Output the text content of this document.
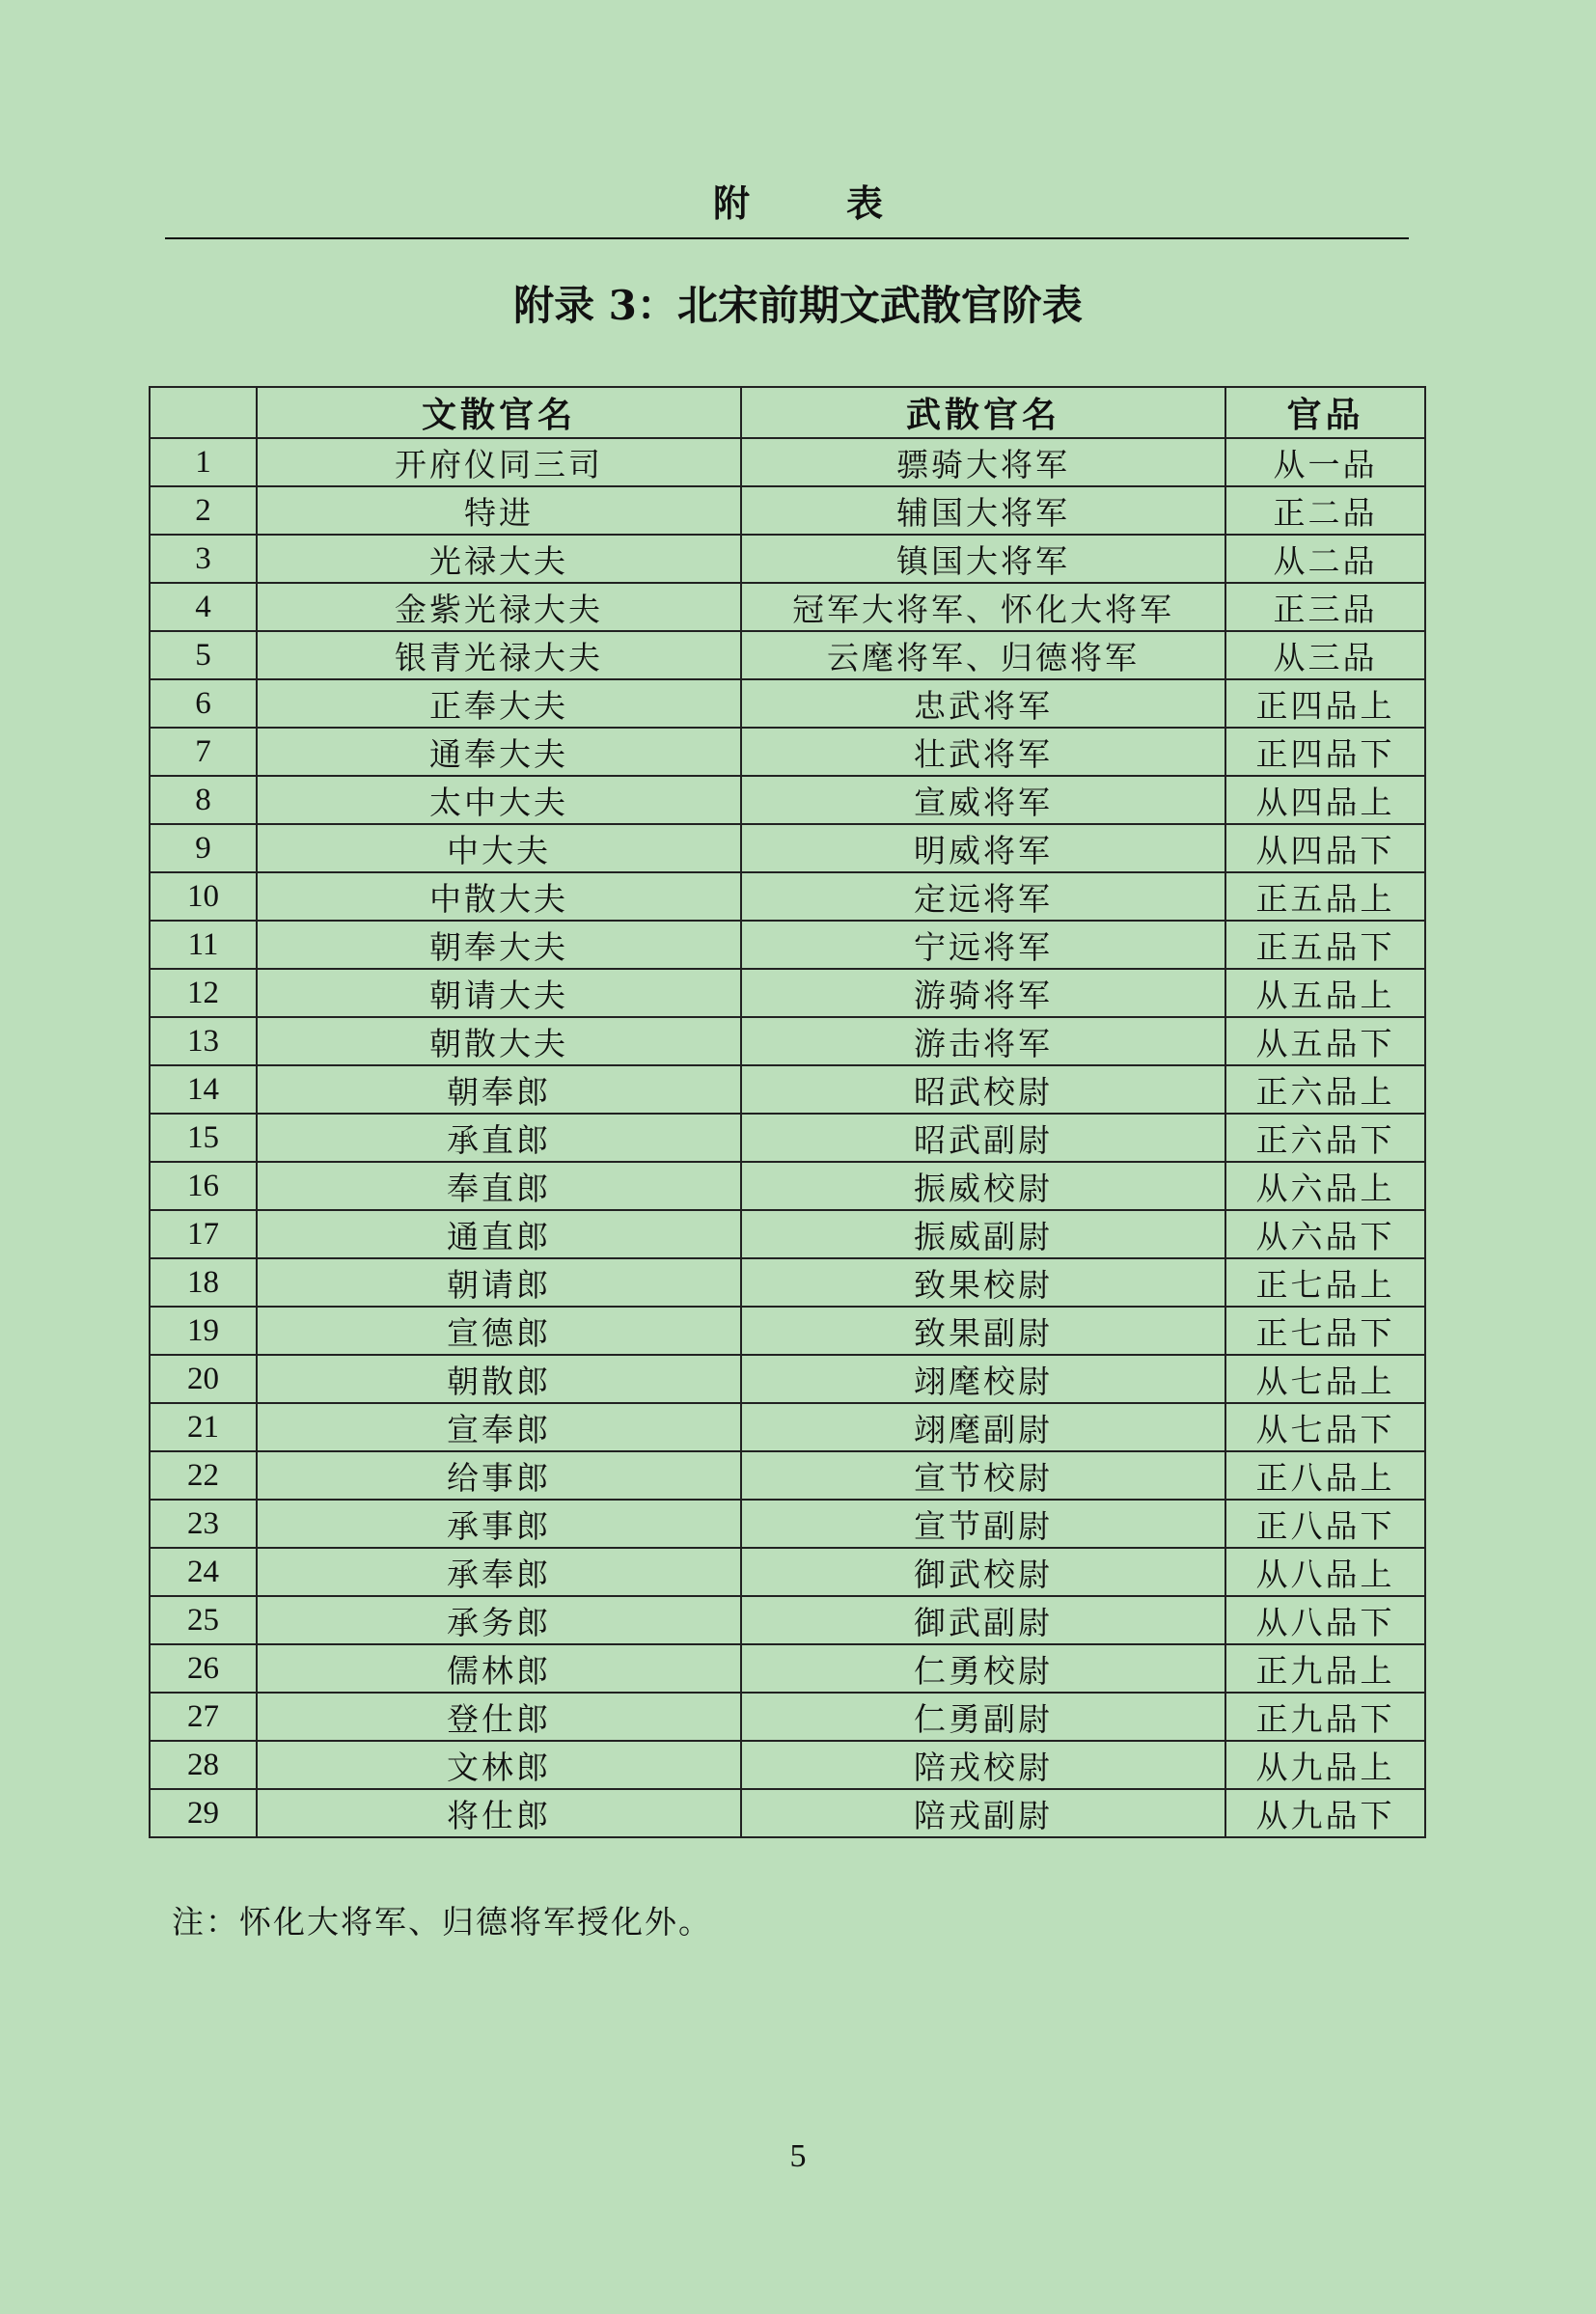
附表
附录 3：北宋前期文武散官阶表
	文散官名	武散官名	官品
1	开府仪同三司	骠骑大将军	从一品
2	特进	辅国大将军	正二品
3	光禄大夫	镇国大将军	从二品
4	金紫光禄大夫	冠军大将军、怀化大将军	正三品
5	银青光禄大夫	云麾将军、归德将军	从三品
6	正奉大夫	忠武将军	正四品上
7	通奉大夫	壮武将军	正四品下
8	太中大夫	宣威将军	从四品上
9	中大夫	明威将军	从四品下
10	中散大夫	定远将军	正五品上
11	朝奉大夫	宁远将军	正五品下
12	朝请大夫	游骑将军	从五品上
13	朝散大夫	游击将军	从五品下
14	朝奉郎	昭武校尉	正六品上
15	承直郎	昭武副尉	正六品下
16	奉直郎	振威校尉	从六品上
17	通直郎	振威副尉	从六品下
18	朝请郎	致果校尉	正七品上
19	宣德郎	致果副尉	正七品下
20	朝散郎	翊麾校尉	从七品上
21	宣奉郎	翊麾副尉	从七品下
22	给事郎	宣节校尉	正八品上
23	承事郎	宣节副尉	正八品下
24	承奉郎	御武校尉	从八品上
25	承务郎	御武副尉	从八品下
26	儒林郎	仁勇校尉	正九品上
27	登仕郎	仁勇副尉	正九品下
28	文林郎	陪戎校尉	从九品上
29	将仕郎	陪戎副尉	从九品下
注：怀化大将军、归德将军授化外。
5
